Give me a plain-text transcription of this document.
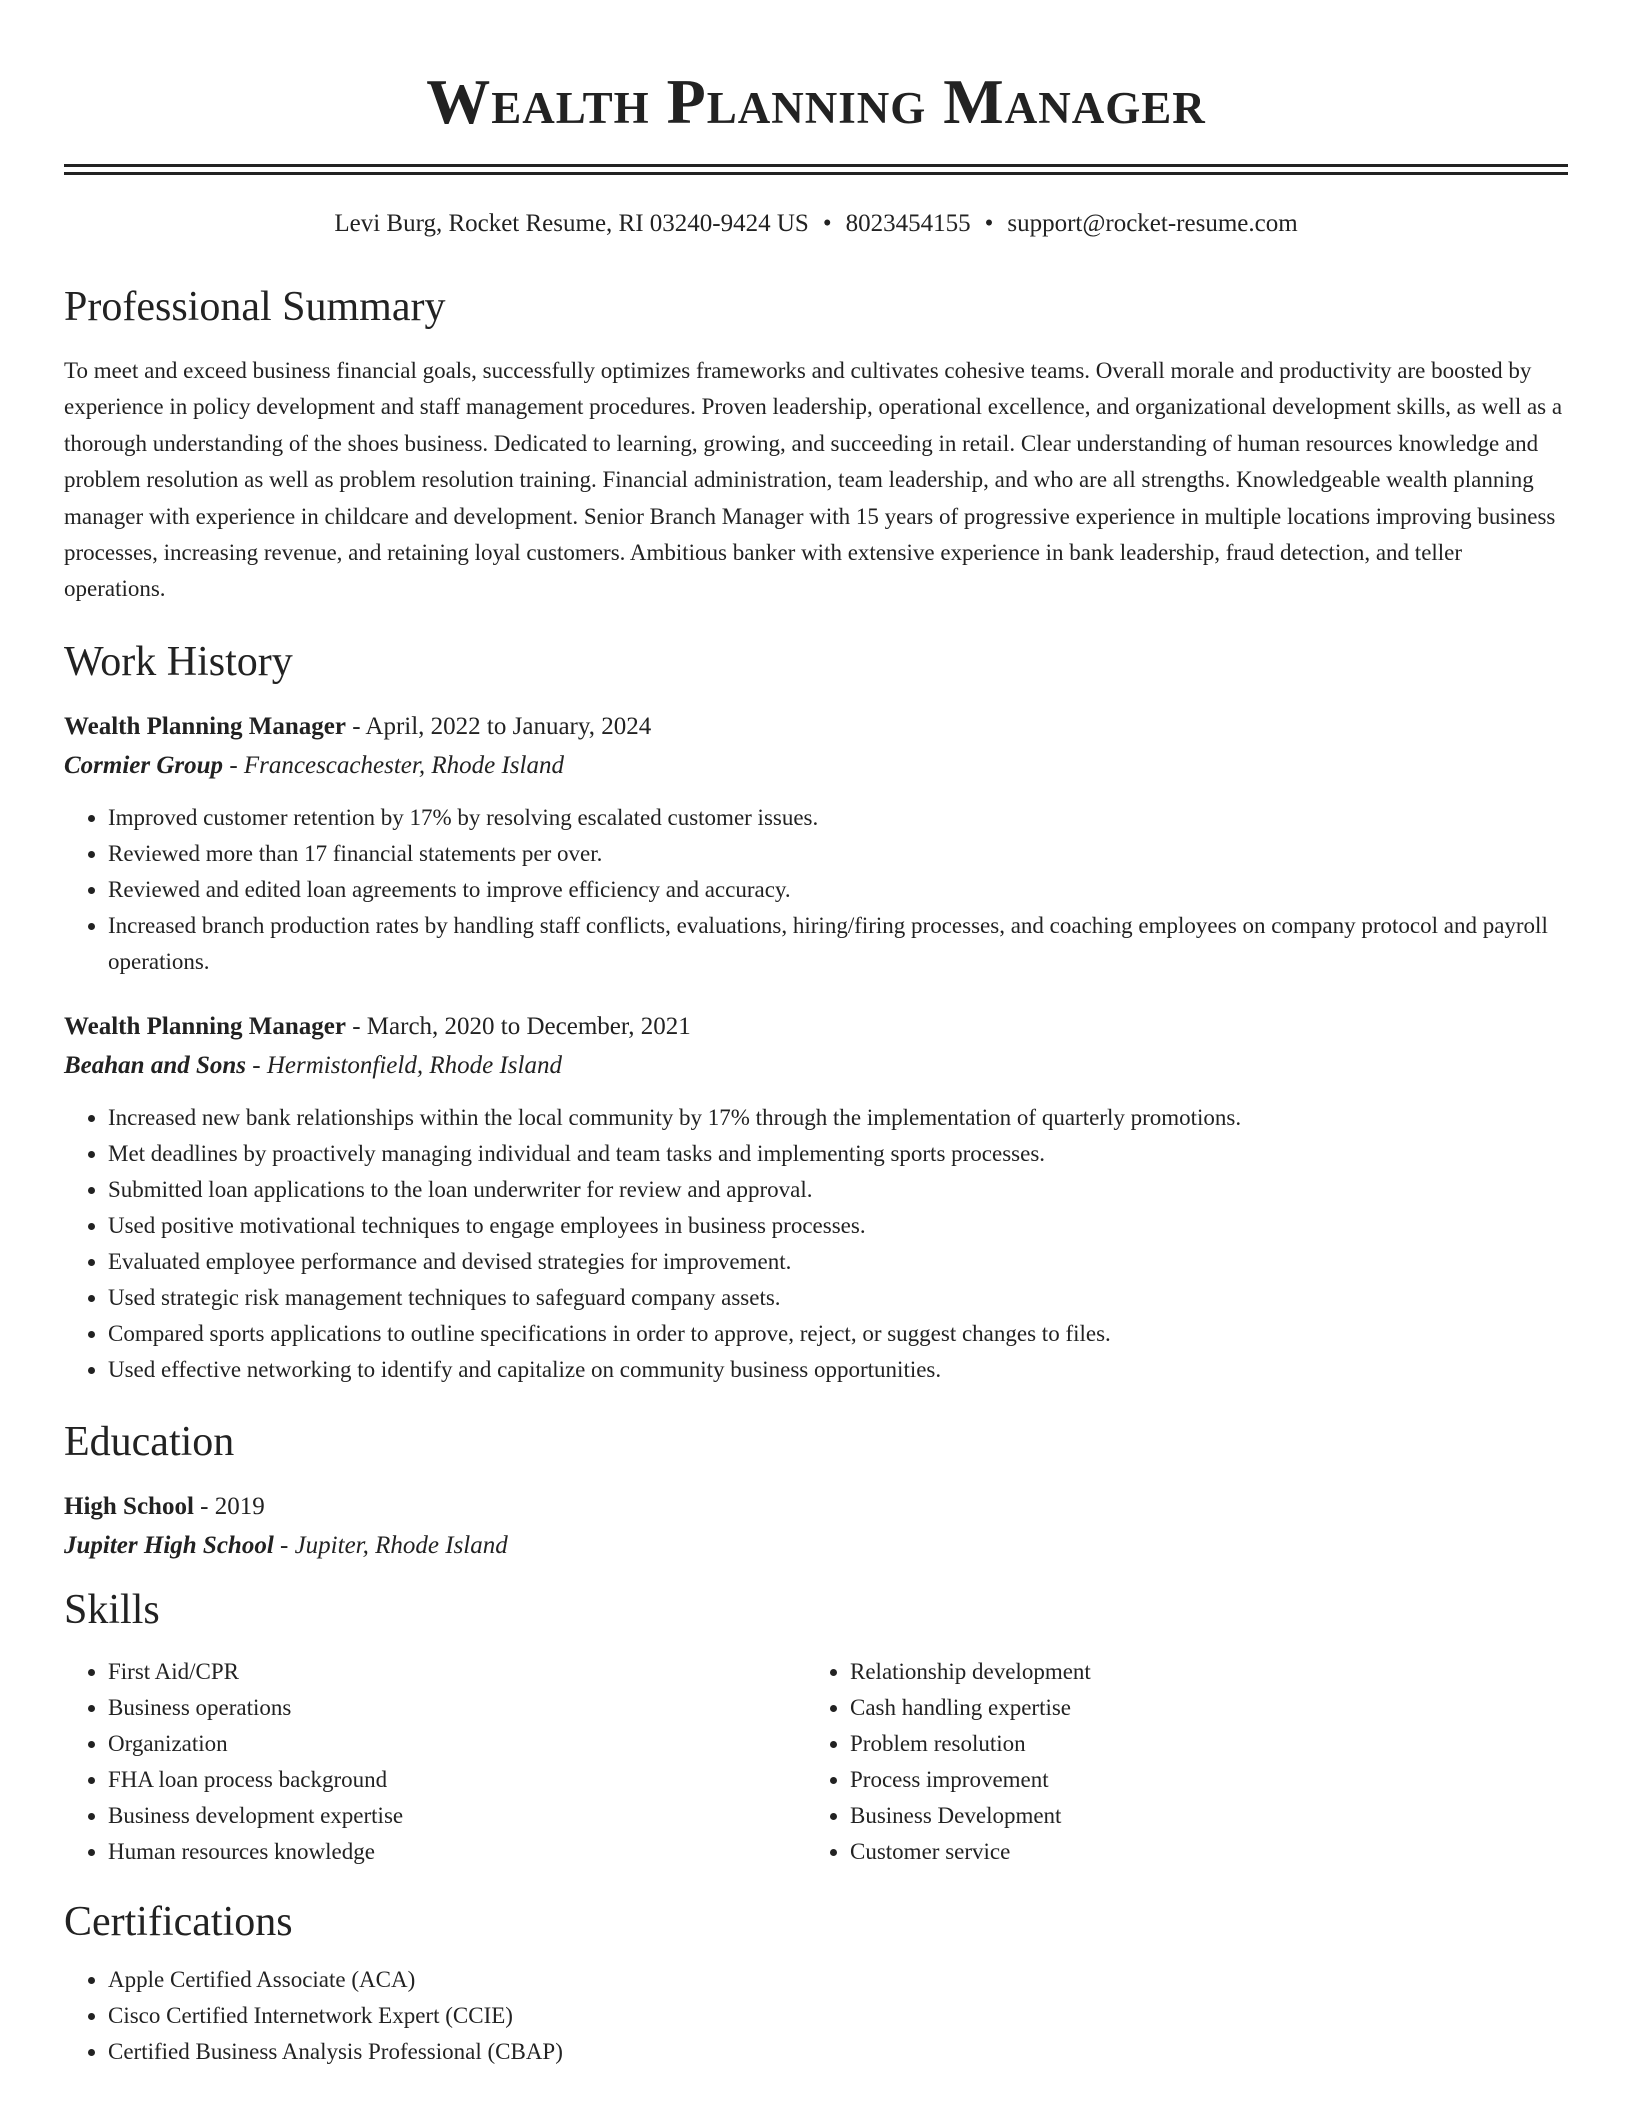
Wealth Planning Manager
Levi Burg, Rocket Resume, RI 03240-9424 US • 8023454155 • support@rocket-resume.com
Professional Summary
To meet and exceed business financial goals, successfully optimizes frameworks and cultivates cohesive teams. Overall morale and productivity are boosted by experience in policy development and staff management procedures. Proven leadership, operational excellence, and organizational development skills, as well as a thorough understanding of the shoes business. Dedicated to learning, growing, and succeeding in retail. Clear understanding of human resources knowledge and problem resolution as well as problem resolution training. Financial administration, team leadership, and who are all strengths. Knowledgeable wealth planning manager with experience in childcare and development. Senior Branch Manager with 15 years of progressive experience in multiple locations improving business processes, increasing revenue, and retaining loyal customers. Ambitious banker with extensive experience in bank leadership, fraud detection, and teller operations.
Work History
Wealth Planning Manager - April, 2022 to January, 2024
Cormier Group - Francescachester, Rhode Island
• Improved customer retention by 17% by resolving escalated customer issues.
• Reviewed more than 17 financial statements per over.
• Reviewed and edited loan agreements to improve efficiency and accuracy.
• Increased branch production rates by handling staff conflicts, evaluations, hiring/firing processes, and coaching employees on company protocol and payroll operations.
Wealth Planning Manager - March, 2020 to December, 2021
Beahan and Sons - Hermistonfield, Rhode Island
• Increased new bank relationships within the local community by 17% through the implementation of quarterly promotions.
• Met deadlines by proactively managing individual and team tasks and implementing sports processes.
• Submitted loan applications to the loan underwriter for review and approval.
• Used positive motivational techniques to engage employees in business processes.
• Evaluated employee performance and devised strategies for improvement.
• Used strategic risk management techniques to safeguard company assets.
• Compared sports applications to outline specifications in order to approve, reject, or suggest changes to files.
• Used effective networking to identify and capitalize on community business opportunities.
Education
High School - 2019
Jupiter High School - Jupiter, Rhode Island
Skills
• First Aid/CPR
• Business operations
• Organization
• FHA loan process background
• Business development expertise
• Human resources knowledge
• Relationship development
• Cash handling expertise
• Problem resolution
• Process improvement
• Business Development
• Customer service
Certifications
• Apple Certified Associate (ACA)
• Cisco Certified Internetwork Expert (CCIE)
• Certified Business Analysis Professional (CBAP)
